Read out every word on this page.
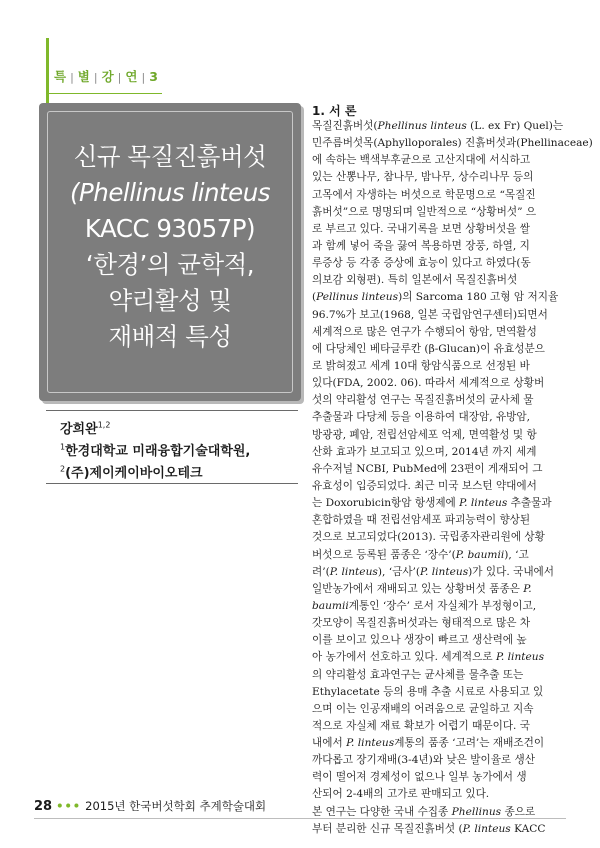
특 | 별 | 강 | 연 | 3
신규 목질진흙버섯
(Phellinus linteus
KACC 93057P)
‘한경’의 균학적,
약리활성 및
재배적 특성
강희완$^{1,2}$
$^1$한경대학교 미래융합기술대학원,
$^2$(주)제이케이바이오테크
1. 서 론
목질진흙버섯(Phellinus linteus (L. ex Fr) Quel)는
민주름버섯목(Aphylloporales) 진흙버섯과(Phellinaceae)
에 속하는 백색부후균으로 고산지대에 서식하고
있는 산뽕나무, 참나무, 밤나무, 상수리나무 등의
고목에서 자생하는 버섯으로 학문명으로 “목질진
흙버섯”으로 명명되며 일반적으로 “상황버섯” 으
로 부르고 있다. 국내기록을 보면 상황버섯을 쌀
과 함께 넣어 죽을 끓여 복용하면 장풍, 하열, 지
루증상 등 각종 증상에 효능이 있다고 하였다(동
의보감 외형편). 특히 일본에서 목질진흙버섯
(Pellinus linteus)의 Sarcoma 180 고형 암 저지율
96.7%가 보고(1968, 일본 국립암연구센터)되면서
세계적으로 많은 연구가 수행되어 항암, 면역활성
에 다당체인 베타글루칸 (β-Glucan)이 유효성분으
로 밝혀졌고 세계 10대 항암식품으로 선정된 바
있다(FDA, 2002. 06). 따라서 세계적으로 상황버
섯의 약리활성 연구는 목질진흙버섯의 균사체 물
추출물과 다당체 등을 이용하여 대장암, 유방암,
방광광, 폐암, 전립선암세포 억제, 면역활성 및 항
산화 효과가 보고되고 있으며, 2014년 까지 세계
유수저널 NCBI, PubMed에 23편이 게재되어 그
유효성이 입증되었다. 최근 미국 보스턴 약대에서
는 Doxorubicin항암 항생제에 P. linteus 추출물과
혼합하였을 때 전립선암세포 파괴능력이 향상된
것으로 보고되었다(2013). 국립종자관리원에 상황
버섯으로 등록된 품종은 ‘장수’(P. baumii), ‘고
려’(P. linteus), ‘금사’(P. linteus)가 있다. 국내에서
일반농가에서 재배되고 있는 상황버섯 품종은 P.
baumii계통인 ‘장수’ 로서 자실체가 부정형이고,
갓모양이 목질진흙버섯과는 형태적으로 많은 차
이를 보이고 있으나 생장이 빠르고 생산력에 높
아 농가에서 선호하고 있다. 세계적으로 P. linteus
의 약리활성 효과연구는 균사체를 물추출 또는
Ethylacetate 등의 용매 추출 시료로 사용되고 있
으며 이는 인공재배의 어려움으로 균일하고 지속
적으로 자실체 재료 확보가 어렵기 때문이다. 국
내에서 P. linteus계통의 품종 ‘고려’는 재배조건이
까다롭고 장기재배(3-4년)와 낮은 발이율로 생산
력이 떨어져 경제성이 없으나 일부 농가에서 생
산되어 2-4배의 고가로 판매되고 있다.
본 연구는 다양한 국내 수집종 Phellinus 종으로
부터 분리한 신규 목질진흙버섯 (P. linteus KACC
28 ••• 2015년 한국버섯학회 추계학술대회
